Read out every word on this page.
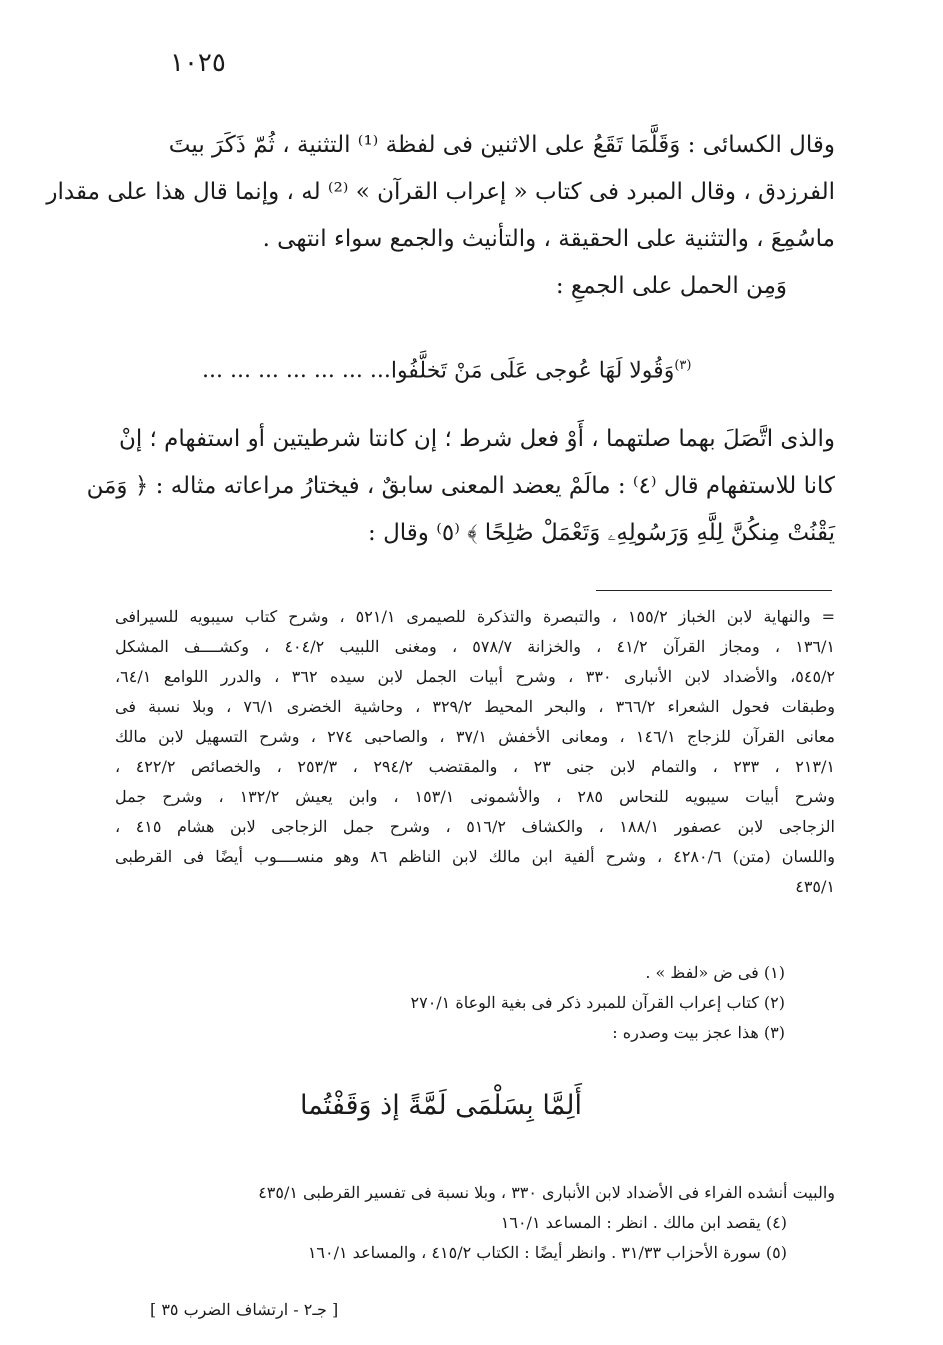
١٠٢٥
وقال الكسائى : وَقَلَّمَا تَقَعُ على الاثنين فى لفظة ⁽¹⁾ التثنية ، ثُمّ ذَكَرَ بيتَ
الفرزدق ، وقال المبرد فى كتاب « إعراب القرآن » ⁽²⁾ له ، وإنما قال هذا على مقدار
ماسُمِعَ ، والتثنية على الحقيقة ، والتأنيث والجمع سواء انتهى .
وَمِن الحمل على الجمعِ :
$^{(٣)}$وَقُولا لَهَا عُوجى عَلَى مَنْ تَخلَّفُوا... ... ... ... ... ... ...
والذى اتَّصَلَ بهما صلتهما ، أَوْ فعل شرط ؛ إن كانتا شرطيتين أو استفهام ؛ إنْ
كانا للاستفهام قال ⁽٤⁾ : مالَمْ يعضد المعنى سابقٌ ، فيختارُ مراعاته مثاله : ﴿ وَمَن
يَقْنُتْ مِنكُنَّ لِلَّهِ وَرَسُولِهِۦ وَتَعْمَلْ صَٰلِحًا ﴾ ⁽٥⁾ وقال :
= والنهاية لابن الخباز ١٥٥/٢ ، والتبصرة والتذكرة للصيمرى ٥٢١/١ ، وشرح كتاب سيبويه للسيرافى
١٣٦/١ ، ومجاز القرآن ٤١/٢ ، والخزانة ٥٧٨/٧ ، ومغنى اللبيب ٤٠٤/٢ ، وكشــــف المشكل
٥٤٥/٢، والأضداد لابن الأنبارى ٣٣٠ ، وشرح أبيات الجمل لابن سيده ٣٦٢ ، والدرر اللوامع ٦٤/١،
وطبقات فحول الشعراء ٣٦٦/٢ ، والبحر المحيط ٣٢٩/٢ ، وحاشية الخضرى ٧٦/١ ، وبلا نسبة فى
معانى القرآن للزجاج ١٤٦/١ ، ومعانى الأخفش ٣٧/١ ، والصاحبى ٢٧٤ ، وشرح التسهيل لابن مالك
٢١٣/١ ، ٢٣٣ ، والتمام لابن جنى ٢٣ ، والمقتضب ٢٩٤/٢ ، ٢٥٣/٣ ، والخصائص ٤٢٢/٢ ،
وشرح أبيات سيبويه للنحاس ٢٨٥ ، والأشمونى ١٥٣/١ ، وابن يعيش ١٣٢/٢ ، وشرح جمل
الزجاجى لابن عصفور ١٨٨/١ ، والكشاف ٥١٦/٢ ، وشرح جمل الزجاجى لابن هشام ٤١٥ ،
واللسان (متن) ٤٢٨٠/٦ ، وشرح ألفية ابن مالك لابن الناظم ٨٦ وهو منســــوب أيضًا فى القرطبى
٤٣٥/١
(١) فى ض «لفظ » .
(٢) كتاب إعراب القرآن للمبرد ذكر فى بغية الوعاة ٢٧٠/١
(٣) هذا عجز بيت وصدره :
أَلِمَّا بِسَلْمَى لَمَّةً إذ وَقَفْتُما
والبيت أنشده الفراء فى الأضداد لابن الأنبارى ٣٣٠ ، وبلا نسبة فى تفسير القرطبى ٤٣٥/١
(٤) يقصد ابن مالك . انظر : المساعد ١٦٠/١
(٥) سورة الأحزاب ٣١/٣٣ . وانظر أيضًا : الكتاب ٤١٥/٢ ، والمساعد ١٦٠/١
[ جـ٢ - ارتشاف الضرب ٣٥ ]
